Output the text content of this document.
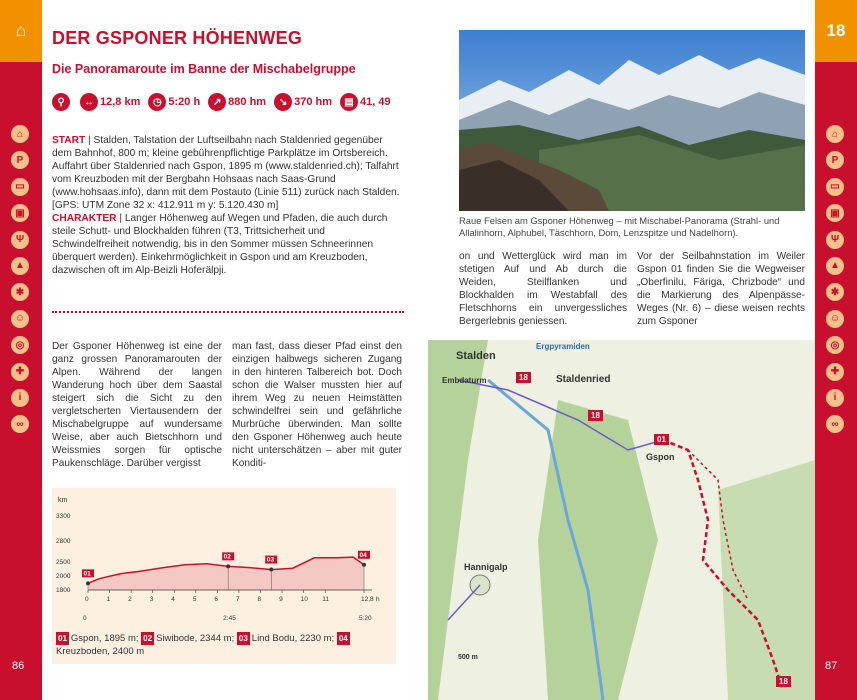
⌂
⌂
P
▭
▣
Ψ
▲
✱
☺
◎
✚
i
∞
86
18
⌂
P
▭
▣
Ψ
▲
✱
☺
◎
✚
i
∞
87
DER GSPONER HÖHENWEG
Die Panoramaroute im Banne der Mischabelgruppe
⚲	↔ 12,8 km	◷ 5:20 h	↗ 880 hm	↘ 370 hm	▤ 41, 49

START | Stalden, Talstation der Luftseilbahn nach Staldenried gegenüber dem Bahnhof, 800 m; kleine gebührenpflichtige Parkplätze im Ortsbereich. Auffahrt über Staldenried nach Gspon, 1895 m (www.staldenried.ch); Talfahrt vom Kreuzboden mit der Bergbahn Hohsaas nach Saas-Grund (www.hohsaas.info), dann mit dem Postauto (Linie 511) zurück nach Stalden.

[GPS: UTM Zone 32 x: 412.911 m y: 5.120.430 m]

CHARAKTER | Langer Höhenweg auf Wegen und Pfaden, die auch durch steile Schutt- und Blockhalden führen (T3, Trittsicherheit und Schwindelfreiheit notwendig, bis in den Sommer müssen Schneerinnen überquert werden). Einkehrmöglichkeit in Gspon und am Kreuzboden, dazwischen oft im Alp-Beizli Hoferälpji.

Der Gsponer Höhenweg ist eine der ganz grossen Panoramarouten der Alpen. Während der langen Wanderung hoch über dem Saastal steigert sich die Sicht zu den vergletscherten Viertausendern der Mischabelgruppe auf wundersame Weise, aber auch Bietschhorn und Weissmies sorgen für optische Paukenschläge. Darüber vergisst
man fast, dass dieser Pfad einst den einzigen halbwegs sicheren Zugang in den hinteren Talbereich bot. Doch schon die Walser mussten hier auf ihrem Weg zu neuen Heimstätten schwindelfrei sein und gefährliche Murbrüche überwinden. Man sollte den Gsponer Höhenweg auch heute nicht unterschätzen – aber mit guter Konditi-
km
1800
2000
2500
2800
3300
0	1	2	3	4	5	6	7	8	9	10 11	12,8 h
0	2:45	5:20
01
02	03
04
01 Gspon, 1895 m; 02 Siwibode, 2344 m; 03 Lind Bodu, 2230 m; 04Kreuzboden, 2400 m
Raue Felsen am Gsponer Höhenweg – mit Mischabel-Panorama (Strahl- und Allalinhorn, Alphubel, Täschhorn, Dom, Lenzspitze und Nadelhorn).
on und Wetterglück wird man im stetigen Auf und Ab durch die Weiden, Steilflanken und Blockhalden im Westabfall des Fletschhorns ein unvergessliches Bergerlebnis geniessen.
Vor der Seilbahnstation im Weiler Gspon 01 finden Sie die Wegweiser „Oberfinilu, Färiga, Chrizbode“ und die Markierung des Alpenpässe-Weges (Nr. 6) – diese weisen rechts zum Gsponer
Stalden
Staldenried
Embdaturm
Gspon
Hannigalp
Ergpyramiden
18
18
18
01
500 m
